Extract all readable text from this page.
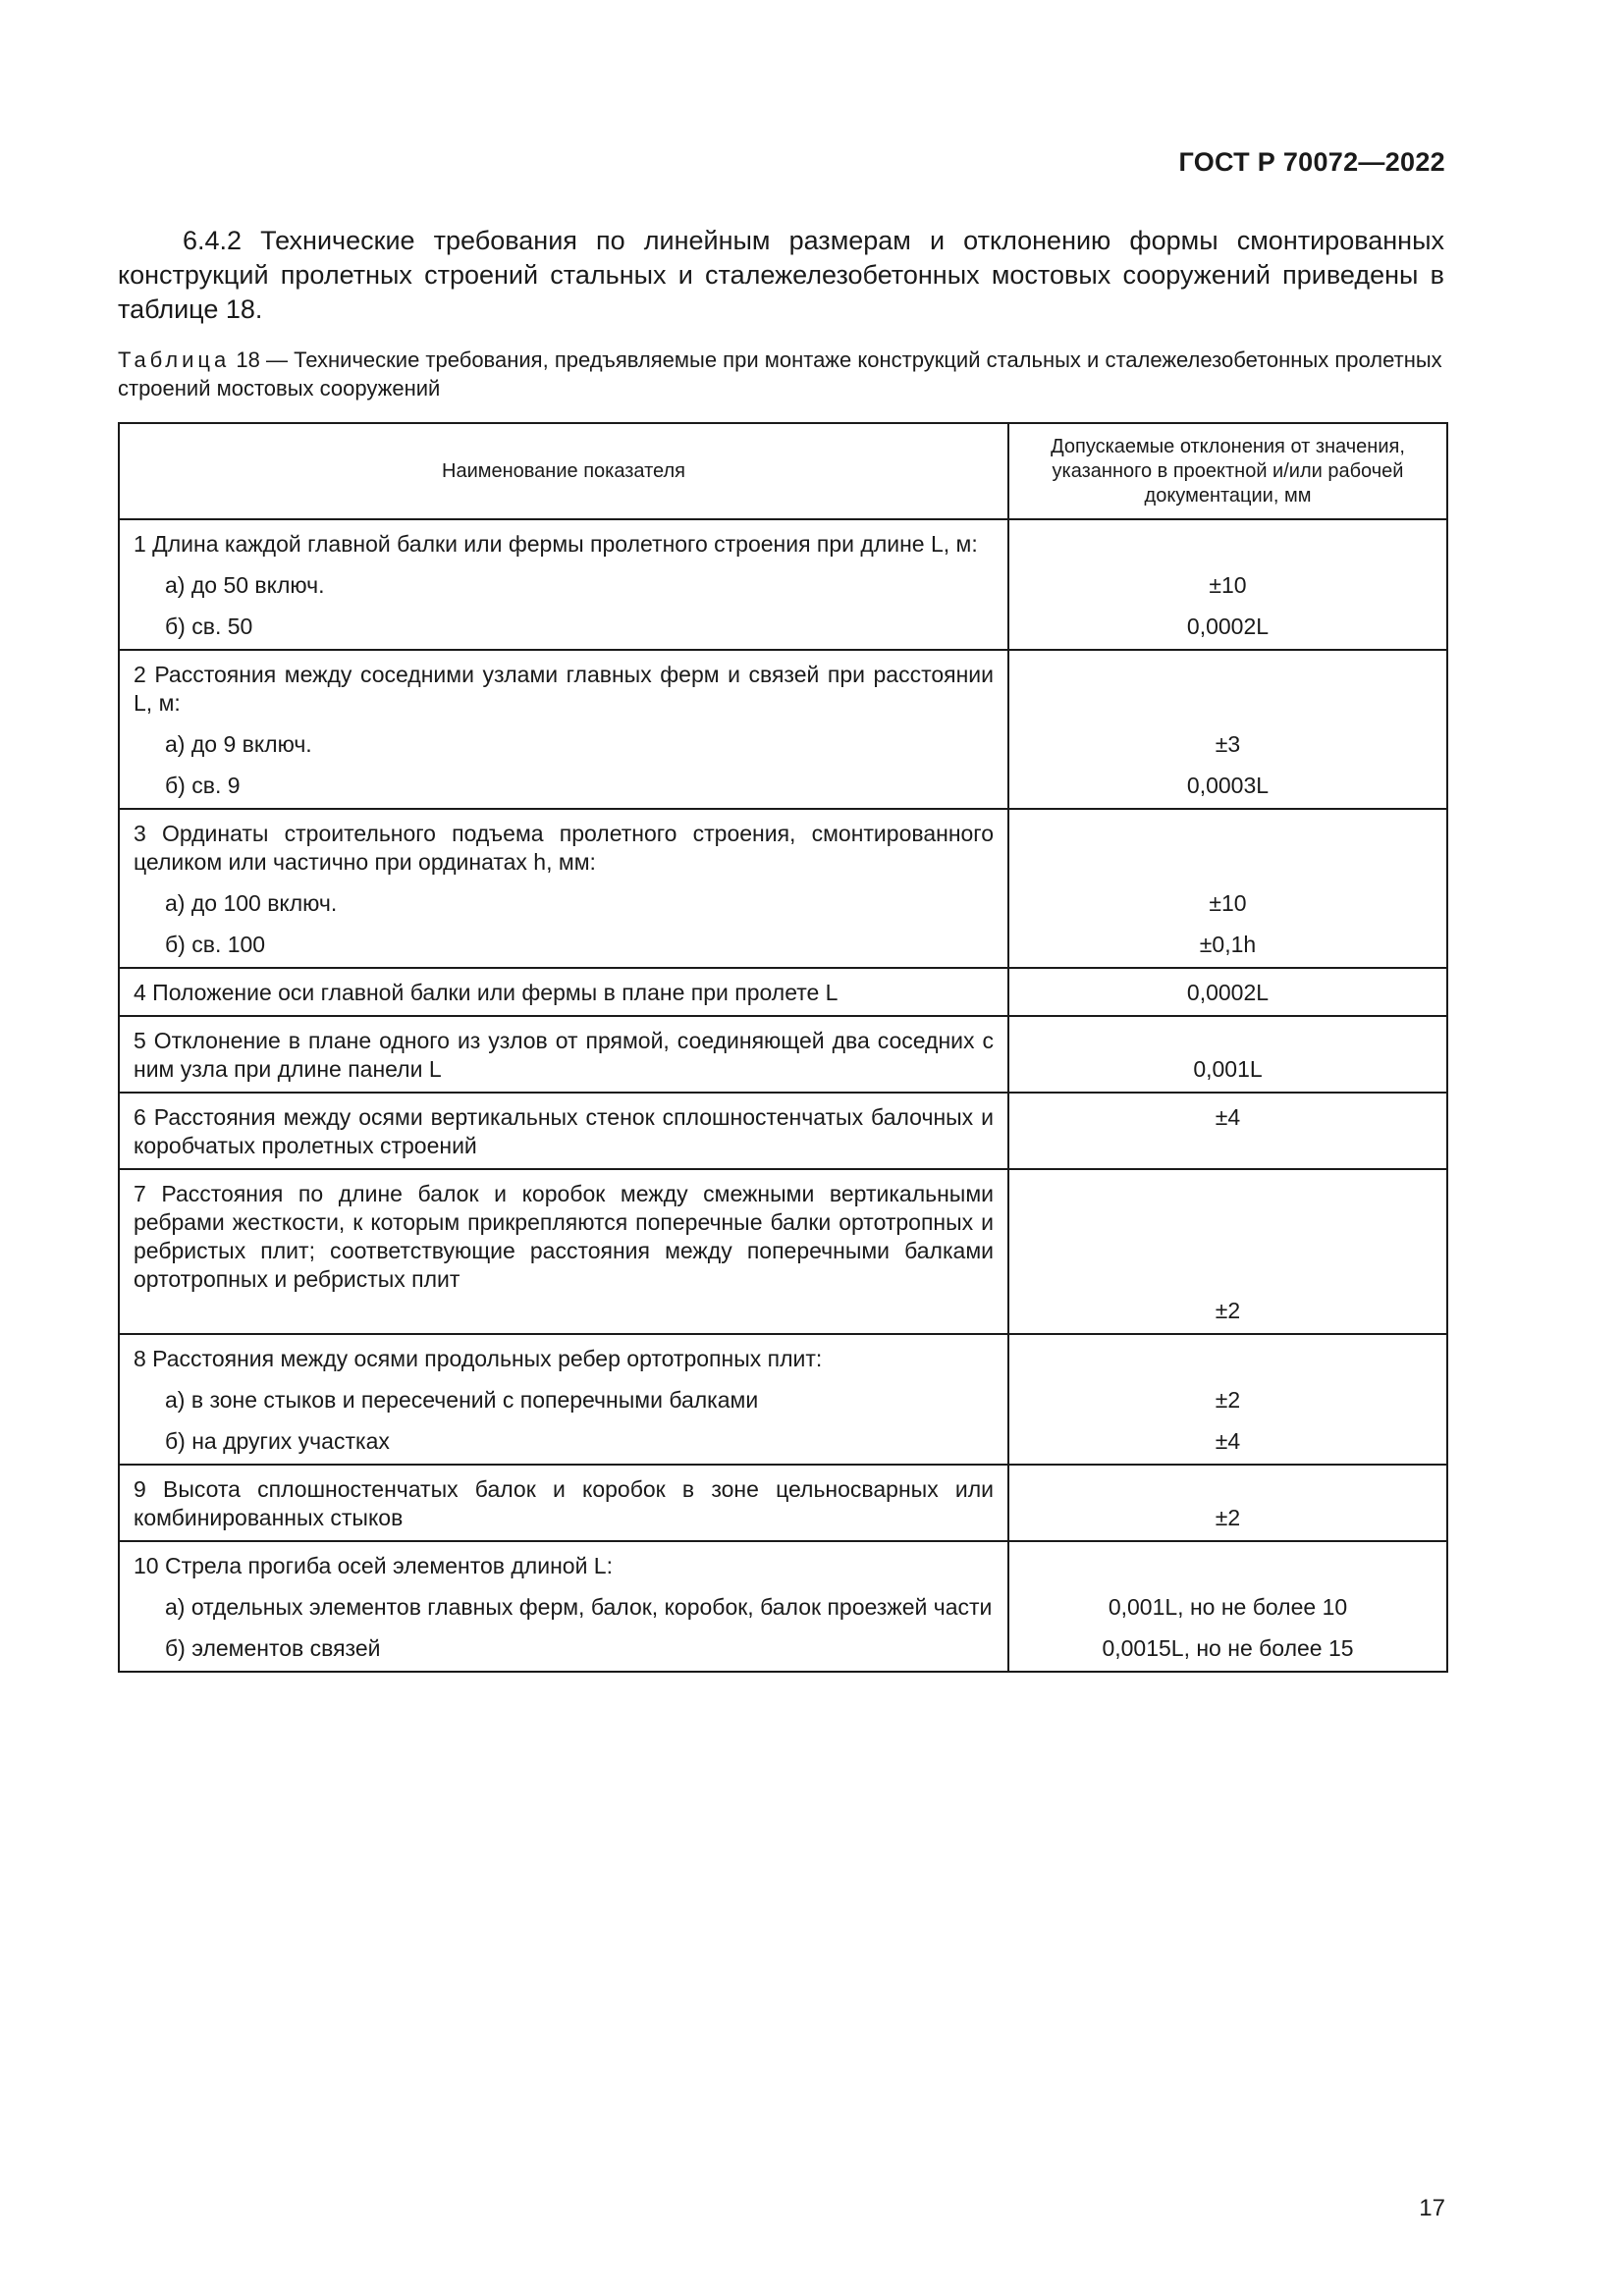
ГОСТ Р 70072—2022

6.4.2 Технические требования по линейным размерам и отклонению формы смонтированных конструкций пролетных строений стальных и сталежелезобетонных мостовых сооружений приведены в таблице 18.

Таблица 18 — Технические требования, предъявляемые при монтаже конструкций стальных и сталежелезобетонных пролетных строений мостовых сооружений

Наименование показателя	Допускаемые отклонения от значения, указанного в проектной и/или рабочей документации, мм
1 Длина каждой главной балки или фермы пролетного строения при длине L, м:	
а) до 50 включ.	±10
б) св. 50	0,0002L
2 Расстояния между соседними узлами главных ферм и связей при расстоянии L, м:	
а) до 9 включ.	±3
б) св. 9	0,0003L
3 Ординаты строительного подъема пролетного строения, смонтированного целиком или частично при ординатах h, мм:	
а) до 100 включ.	±10
б) св. 100	±0,1h
4 Положение оси главной балки или фермы в плане при пролете L	0,0002L
5 Отклонение в плане одного из узлов от прямой, соединяющей два соседних с ним узла при длине панели L	0,001L
6 Расстояния между осями вертикальных стенок сплошностенчатых балочных и коробчатых пролетных строений	±4
7 Расстояния по длине балок и коробок между смежными вертикальными ребрами жесткости, к которым прикрепляются поперечные балки ортотропных и ребристых плит; соответствующие расстояния между поперечными балками ортотропных и ребристых плит	±2
8 Расстояния между осями продольных ребер ортотропных плит:	
а) в зоне стыков и пересечений с поперечными балками	±2
б) на других участках	±4
9 Высота сплошностенчатых балок и коробок в зоне цельносварных или комбинированных стыков	±2
10 Стрела прогиба осей элементов длиной L:	
а) отдельных элементов главных ферм, балок, коробок, балок проезжей части	0,001L, но не более 10
б) элементов связей	0,0015L, но не более 15
17
